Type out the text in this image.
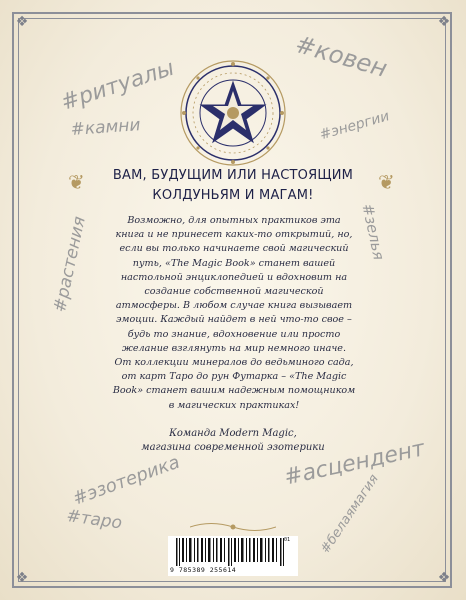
❖	❖
❖	❖
#ритуалы	#ковен
#камни	#энергии
#растения	#зелья
#эзотерика	#асцендент
#таро	#белаямагия
❦	❦
ВАМ, БУДУЩИМ ИЛИ НАСТОЯЩИМ
КОЛДУНЬЯМ И МАГАМ!

Возможно, для опытных практиков эта книга и не принесет каких-то открытий, но, если вы только начинаете свой магический путь, «The Magic Book» станет вашей настольной энциклопедией и вдохновит на создание собственной магической атмосферы. В любом случае книга вызывает эмоции. Каждый найдет в ней что-то свое – будь то знание, вдохновение или просто желание взглянуть на мир немного иначе.

От коллекции минералов до ведьминого сада, от карт Таро до рун Футарка – «The Magic Book» станет вашим надежным помощником в магических практиках!

Команда Modern Magic,
магазина современной эзотерики
9 785389 255614
01
